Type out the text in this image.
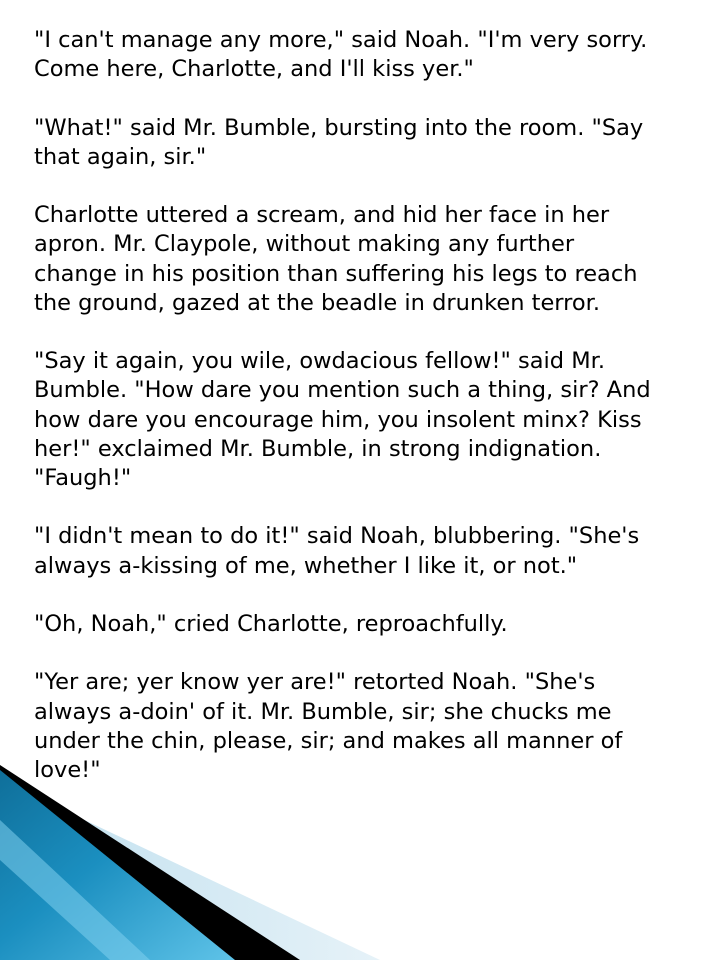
"I can't manage any more," said Noah. "I'm very sorry.
Come here, Charlotte, and I'll kiss yer."

"What!" said Mr. Bumble, bursting into the room. "Say
that again, sir."

Charlotte uttered a scream, and hid her face in her
apron. Mr. Claypole, without making any further
change in his position than suffering his legs to reach
the ground, gazed at the beadle in drunken terror.

"Say it again, you wile, owdacious fellow!" said Mr.
Bumble. "How dare you mention such a thing, sir? And
how dare you encourage him, you insolent minx? Kiss
her!" exclaimed Mr. Bumble, in strong indignation.
"Faugh!"

"I didn't mean to do it!" said Noah, blubbering. "She's
always a-kissing of me, whether I like it, or not."

"Oh, Noah," cried Charlotte, reproachfully.

"Yer are; yer know yer are!" retorted Noah. "She's
always a-doin' of it. Mr. Bumble, sir; she chucks me
under the chin, please, sir; and makes all manner of
love!"
